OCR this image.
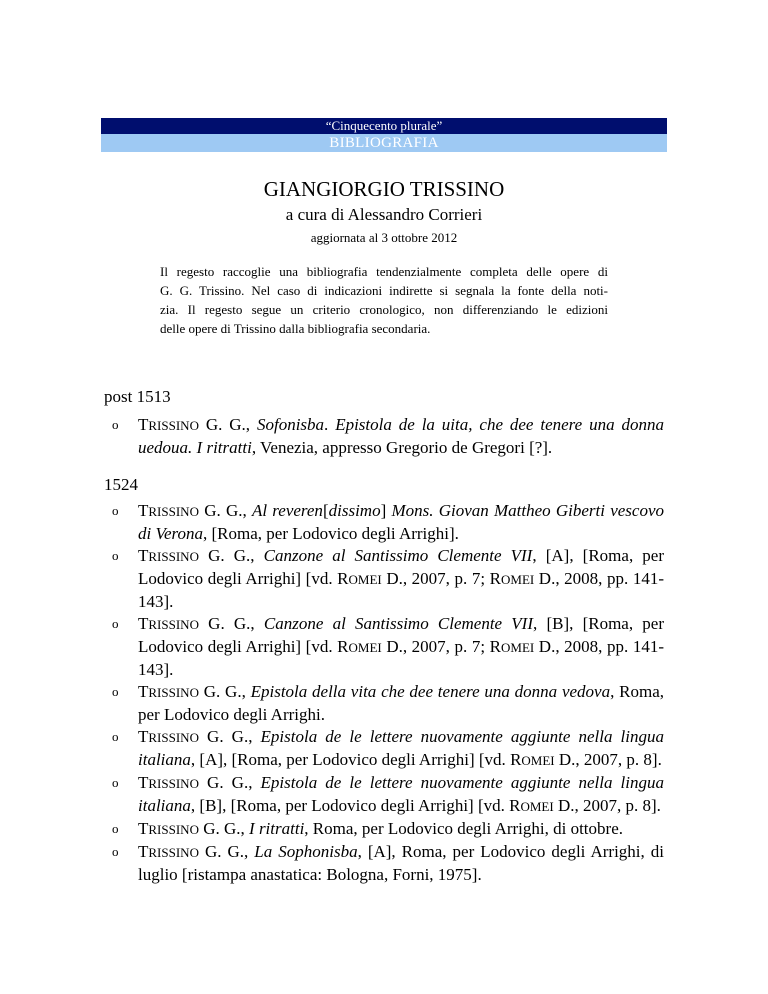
“Cinquecento plurale”
BIBLIOGRAFIA
GIANGIORGIO TRISSINO
a cura di Alessandro Corrieri
aggiornata al 3 ottobre 2012
Il regesto raccoglie una bibliografia tendenzialmente completa delle opere di
G. G. Trissino. Nel caso di indicazioni indirette si segnala la fonte della noti-
zia. Il regesto segue un criterio cronologico, non differenziando le edizioni
delle opere di Trissino dalla bibliografia secondaria.
post 1513
o TRISSINO G. G., Sofonisba. Epistola de la uita, che dee tenere una donna uedoua. I ritratti, Venezia, appresso Gregorio de Gregori [?].
1524
o TRISSINO G. G., Al reveren[dissimo] Mons. Giovan Mattheo Giberti vescovo di Verona, [Roma, per Lodovico degli Arrighi].
o TRISSINO G. G., Canzone al Santissimo Clemente VII, [A], [Roma, per Lodovico degli Arrighi] [vd. ROMEI D., 2007, p. 7; ROMEI D., 2008, pp. 141-143].
o TRISSINO G. G., Canzone al Santissimo Clemente VII, [B], [Roma, per Lodovico degli Arrighi] [vd. ROMEI D., 2007, p. 7; ROMEI D., 2008, pp. 141-143].
o TRISSINO G. G., Epistola della vita che dee tenere una donna vedova, Roma, per Lodovico degli Arrighi.
o TRISSINO G. G., Epistola de le lettere nuovamente aggiunte nella lingua italiana, [A], [Roma, per Lodovico degli Arrighi] [vd. ROMEI D., 2007, p. 8].
o TRISSINO G. G., Epistola de le lettere nuovamente aggiunte nella lingua italiana, [B], [Roma, per Lodovico degli Arrighi] [vd. ROMEI D., 2007, p. 8].
o TRISSINO G. G., I ritratti, Roma, per Lodovico degli Arrighi, di ottobre.
o TRISSINO G. G., La Sophonisba, [A], Roma, per Lodovico degli Arrighi, di luglio [ristampa anastatica: Bologna, Forni, 1975].
